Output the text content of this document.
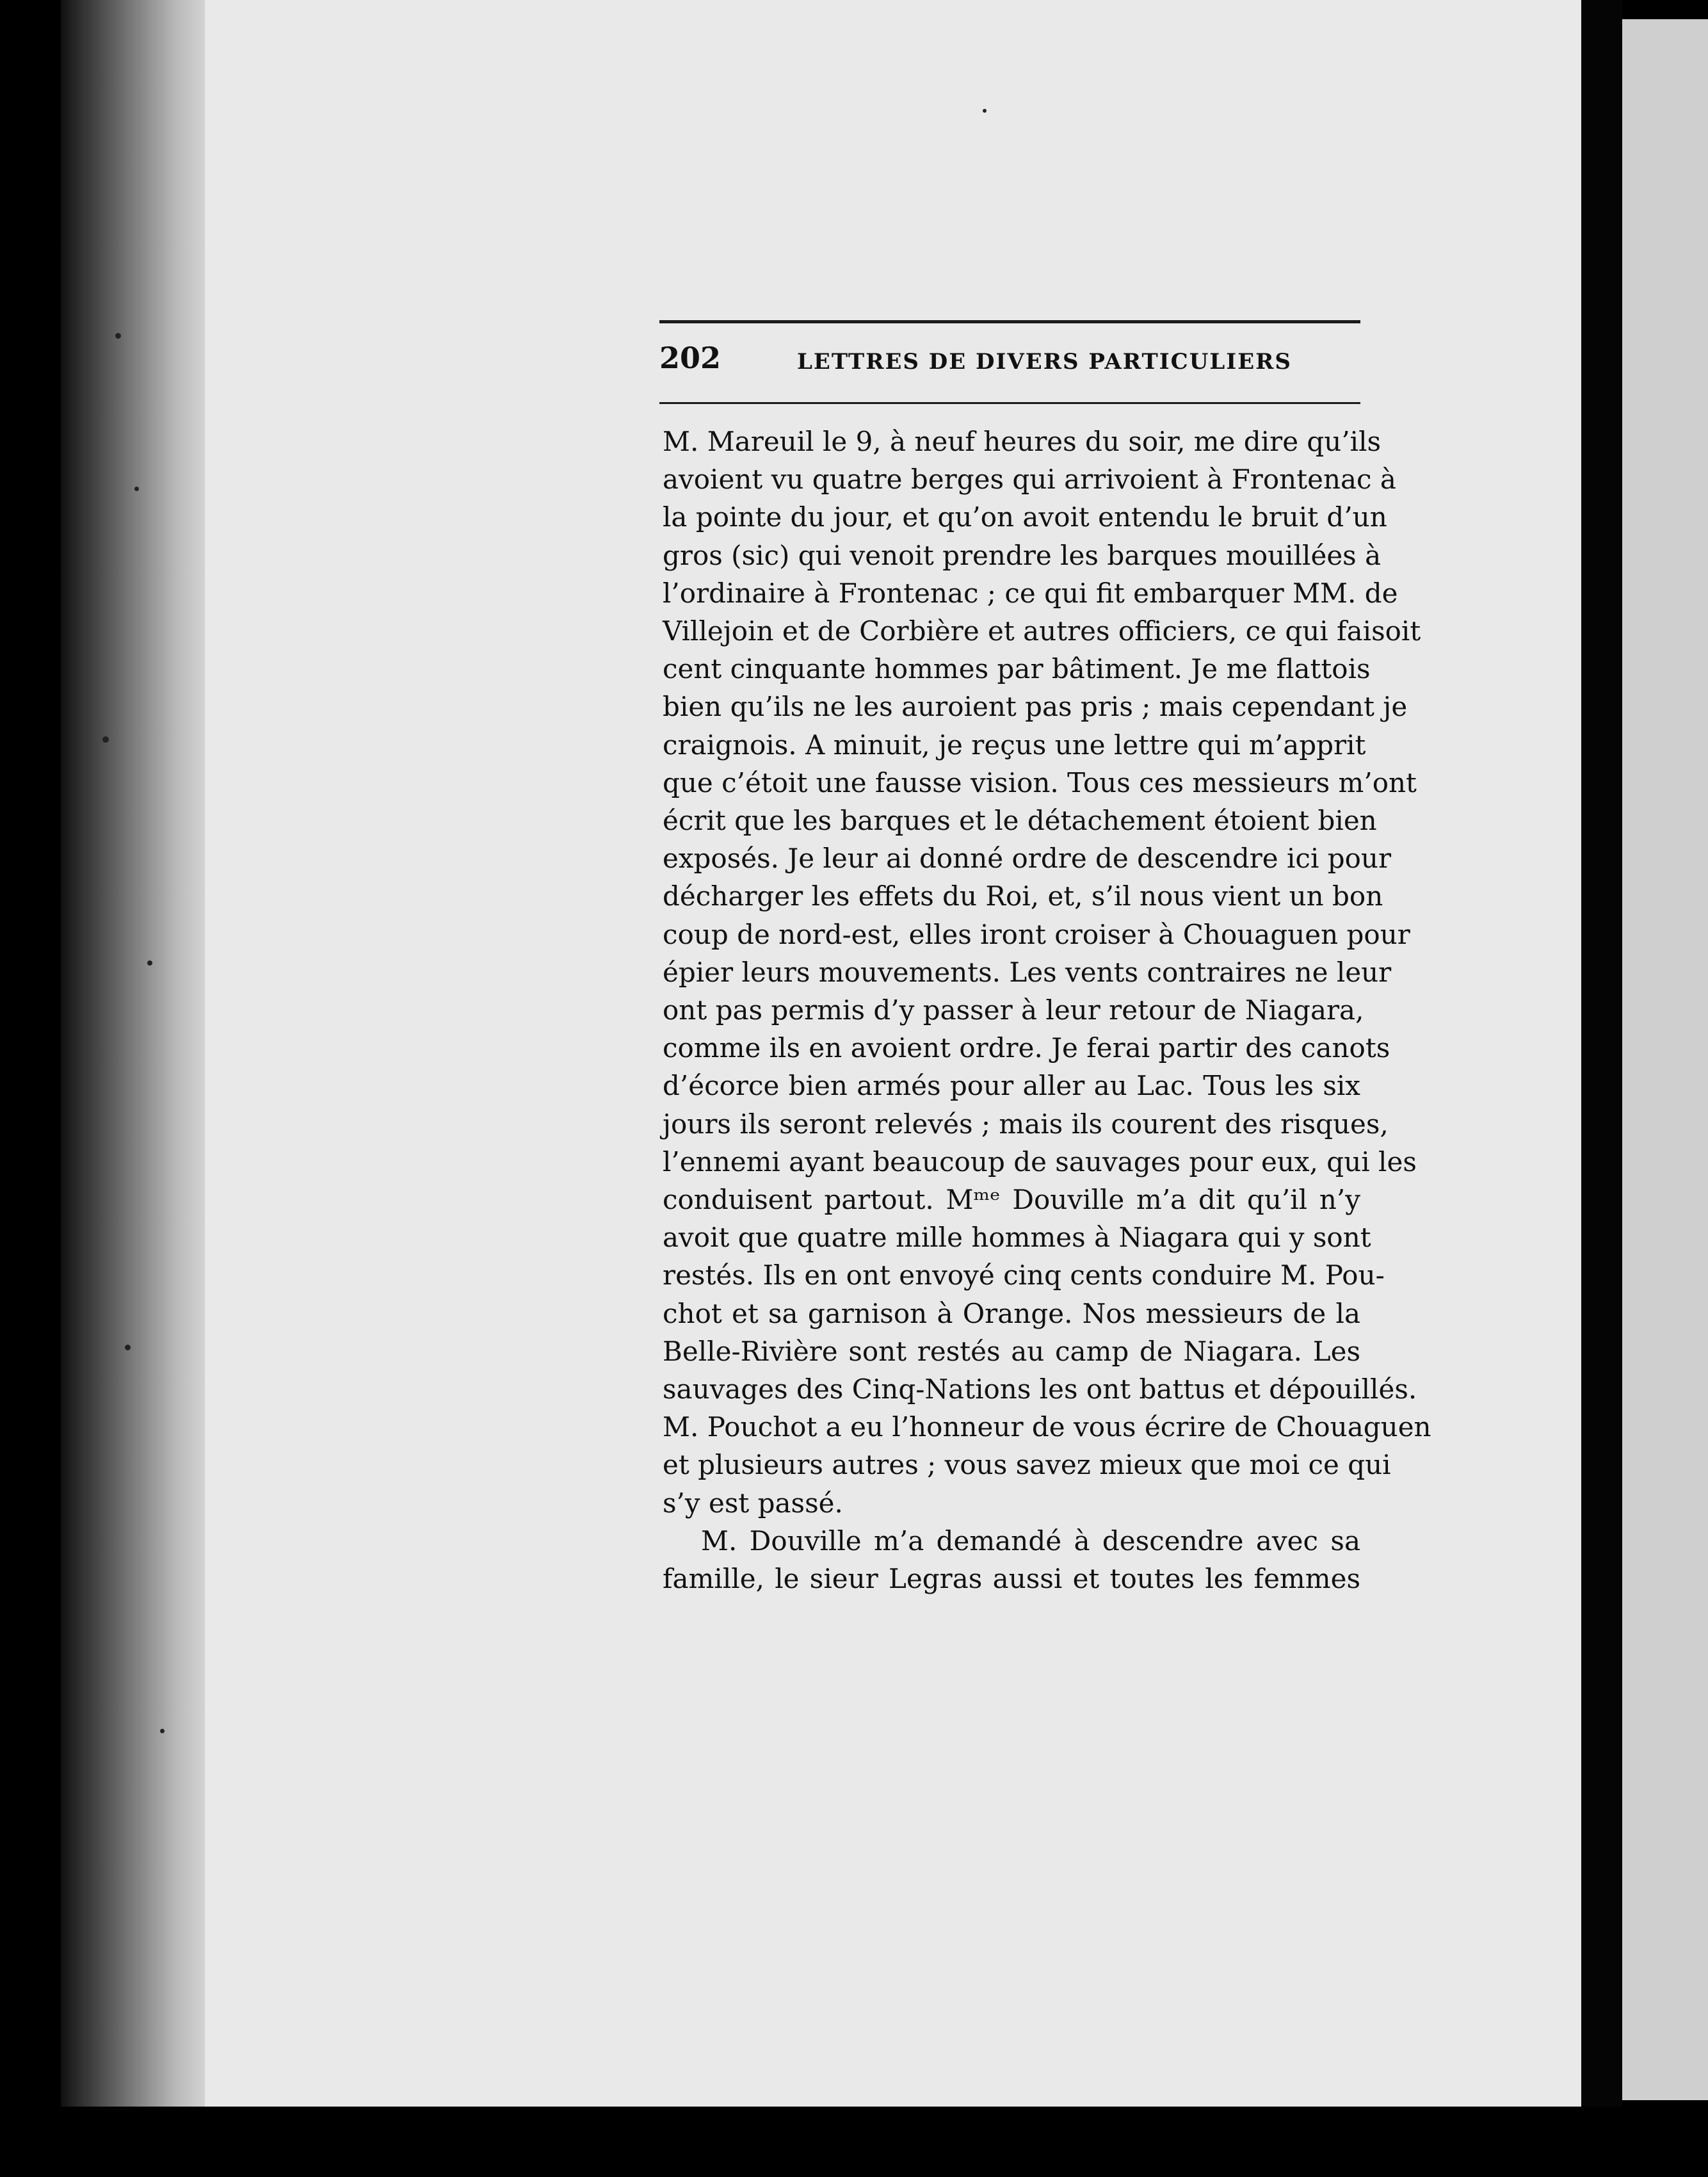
202	LETTRES DE DIVERS PARTICULIERS
M. Mareuil le 9, à neuf heures du soir, me dire qu’ils
avoient vu quatre berges qui arrivoient à Frontenac à
la pointe du jour, et qu’on avoit entendu le bruit d’un
gros (sic) qui venoit prendre les barques mouillées à
l’ordinaire à Frontenac ; ce qui fit embarquer MM. de
Villejoin et de Corbière et autres officiers, ce qui faisoit
cent cinquante hommes par bâtiment. Je me flattois
bien qu’ils ne les auroient pas pris ; mais cependant je
craignois. A minuit, je reçus une lettre qui m’apprit
que c’étoit une fausse vision. Tous ces messieurs m’ont
écrit que les barques et le détachement étoient bien
exposés. Je leur ai donné ordre de descendre ici pour
décharger les effets du Roi, et, s’il nous vient un bon
coup de nord-est, elles iront croiser à Chouaguen pour
épier leurs mouvements. Les vents contraires ne leur
ont pas permis d’y passer à leur retour de Niagara,
comme ils en avoient ordre. Je ferai partir des canots
d’écorce bien armés pour aller au Lac. Tous les six
jours ils seront relevés ; mais ils courent des risques,
l’ennemi ayant beaucoup de sauvages pour eux, qui les
conduisent partout. Mᵐᵉ Douville m’a dit qu’il n’y
avoit que quatre mille hommes à Niagara qui y sont
restés. Ils en ont envoyé cinq cents conduire M. Pou-
chot et sa garnison à Orange. Nos messieurs de la
Belle-Rivière sont restés au camp de Niagara. Les
sauvages des Cinq-Nations les ont battus et dépouillés.
M. Pouchot a eu l’honneur de vous écrire de Chouaguen
et plusieurs autres ; vous savez mieux que moi ce qui
s’y est passé.
M. Douville m’a demandé à descendre avec sa
famille, le sieur Legras aussi et toutes les femmes
